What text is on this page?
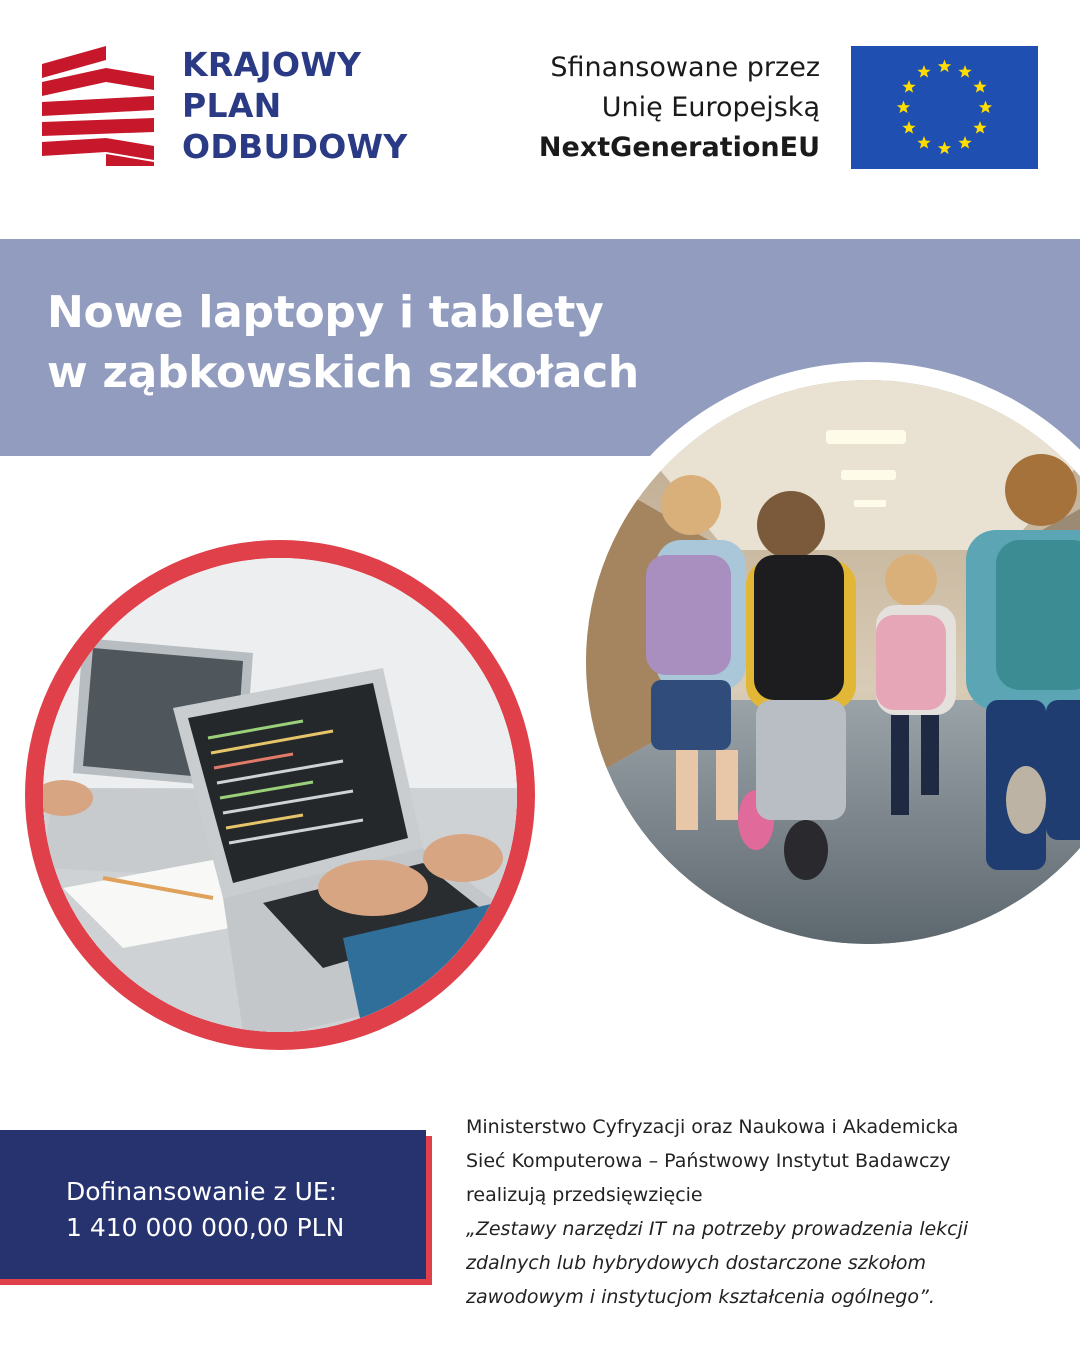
KRAJOWY
PLAN
ODBUDOWY
Sfinansowane przez
Unię Europejską
NextGenerationEU
Nowe laptopy i tablety
w ząbkowskich szkołach
Dofinansowanie z UE:
1 410 000 000,00 PLN
Ministerstwo Cyfryzacji oraz Naukowa i Akademicka
Sieć Komputerowa – Państwowy Instytut Badawczy
realizują przedsięwzięcie
„Zestawy narzędzi IT na potrzeby prowadzenia lekcji
zdalnych lub hybrydowych dostarczone szkołom
zawodowym i instytucjom kształcenia ogólnego”.
